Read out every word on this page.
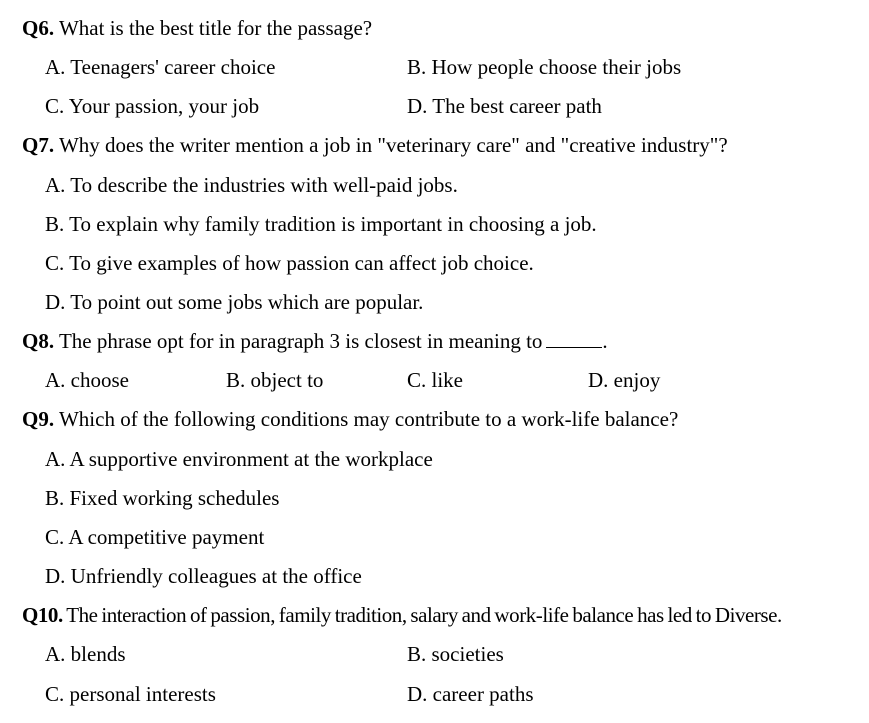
Q6. What is the best title for the passage?
A. Teenagers' career choice	B. How people choose their jobs
C. Your passion, your job	D. The best career path
Q7. Why does the writer mention a job in "veterinary care" and "creative industry"?
A. To describe the industries with well-paid jobs.
B. To explain why family tradition is important in choosing a job.
C. To give examples of how passion can affect job choice.
D. To point out some jobs which are popular.
Q8. The phrase opt for in paragraph 3 is closest in meaning to	.
A. choose	B. object to	C. like	D. enjoy
Q9. Which of the following conditions may contribute to a work-life balance?
A. A supportive environment at the workplace
B. Fixed working schedules
C. A competitive payment
D. Unfriendly colleagues at the office
Q10. The interaction of passion, family tradition, salary and work-life balance has led to Diverse.
A. blends	B. societies
C. personal interests	D. career paths
